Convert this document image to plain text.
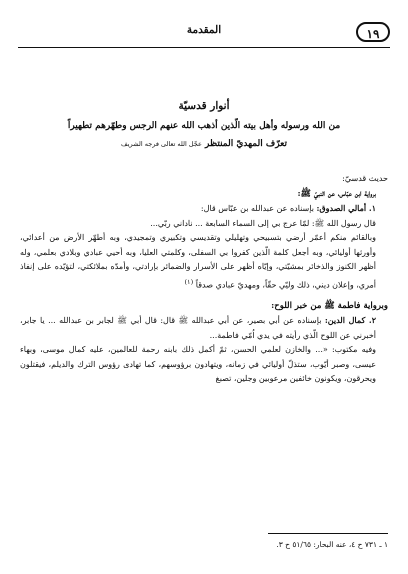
١٩
المقدمة
أنوار قدسيّة
من الله ورسوله وأهل بيته الّذين أذهب الله عنهم الرجس وطهّرهم تطهيراً
تعرّف المهديّ المنتظر عجّل الله تعالى فرجه الشريف

حديث قدسيّ:

برواية ابن عبّاس، عن النبيّ ﷺ:

١. أمالي الصدوق: بإسناده عن عبدالله بن عبّاس قال:

قال رسول الله ﷺ: لمّا عرج بي إلى السماء السابعة ... ناداني ربّي...

وبالقائم منكم أعمّر أرضي بتسبيحي وتهليلي وتقديسي وتكبيري وتمجيدي، وبه أطهّر الأرض من أعدائي، وأورثها أوليائي، وبه أجعل كلمة الّذين كفروا بي السفلى، وكلمتي العليا، وبه أحيي عبادي وبلادي بعلمي، وله أظهر الكنوز والذخائر بمشيّتي، وإيّاه أظهر على الأسرار والضمائر بإرادتي، وأمدّه بملائكتي، لتؤيّده على إنفاذ أمري، وإعلان ديني، ذلك وليّي حقّاً، ومهديّ عبادي صدقاً $^{(١)}$

وبرواية فاطمة ﷺ من خبر اللوح:

٢. كمال الدين: بإسناده عن أبي بصير، عن أبي عبدالله ﷺ قال: قال أبي ﷺ لجابر بن عبدالله ... يا جابر، أخبرني عن اللوح الّذي رأيته في يدي اُمّي فاطمة...

وفيه مكتوب: «... والخازن لعلمي الحسن، ثمّ أكمل ذلك بابنه رحمة للعالمين، عليه كمال موسى، وبهاء عيسى، وصبر أيّوب، ستذلّ أوليائي في زمانه، ويتهادون برؤوسهم، كما تهادى رؤوس الترك والديلم، فيقتلون ويحرقون، ويكونون خائفين مرعوبين وجلين، تصبغ

١ ـ ٧٣١ ح ٤، عنه البحار: ٥١/٦٥ ح ٣.
